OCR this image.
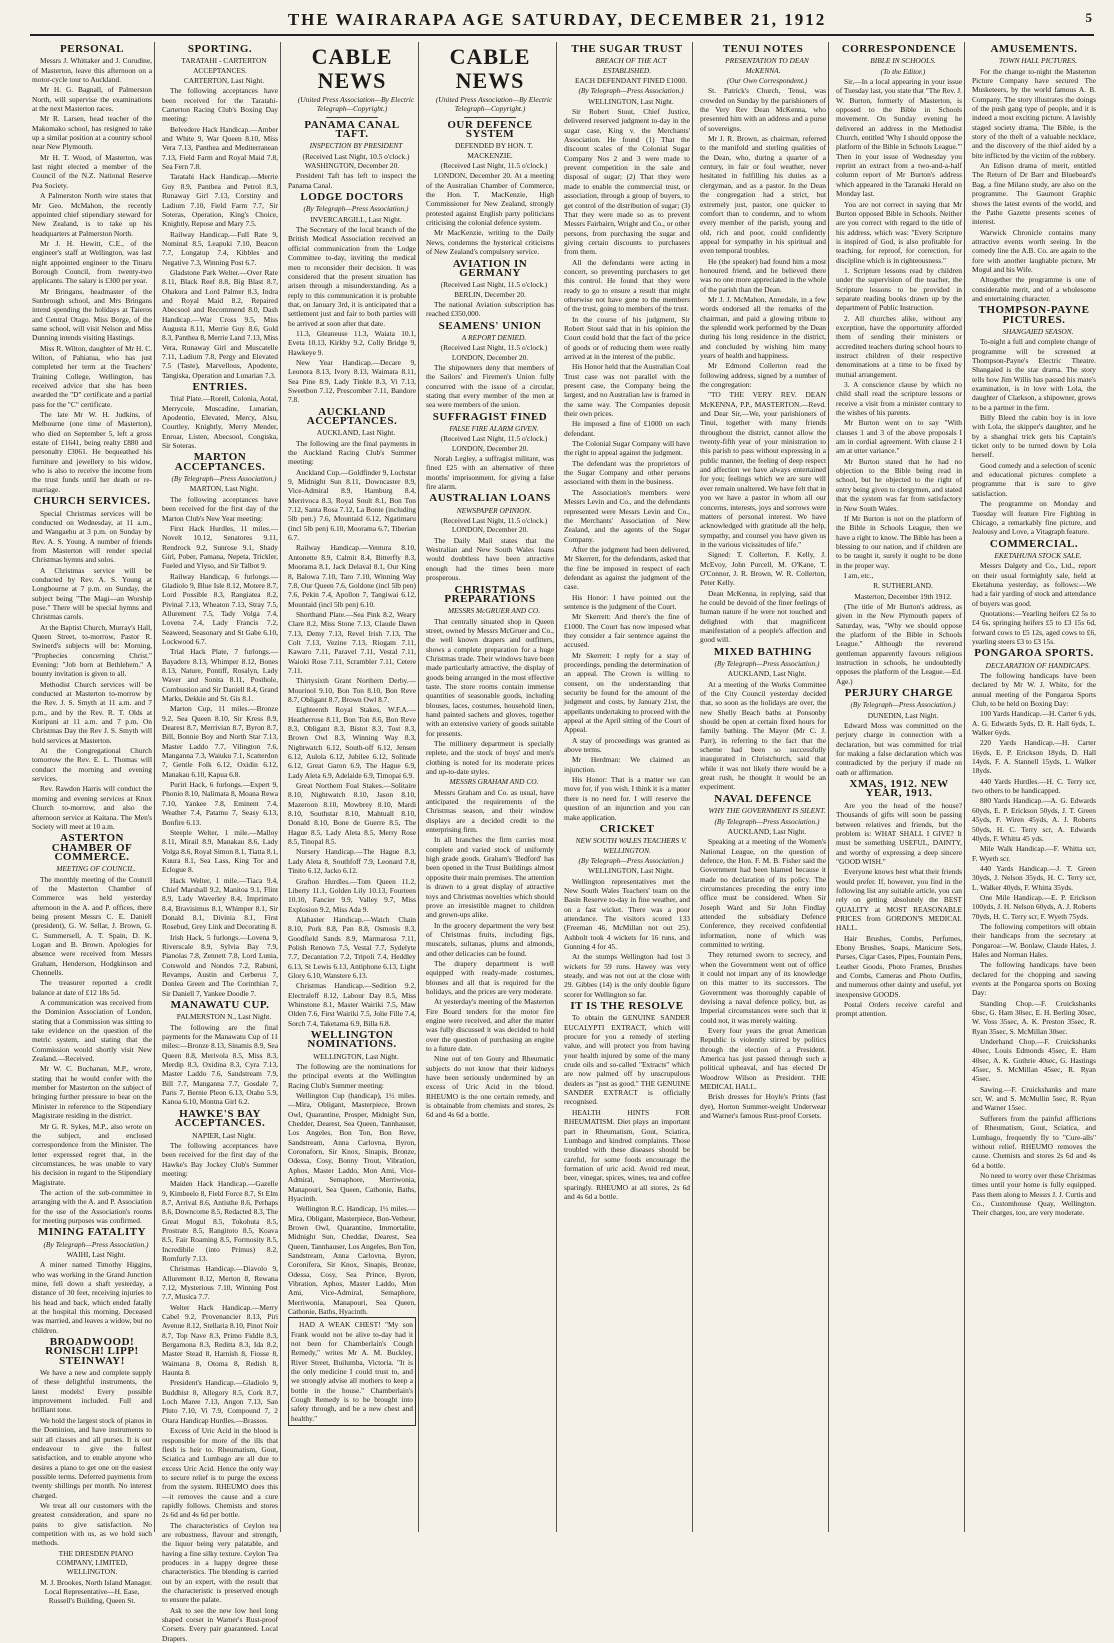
THE WAIRARAPA AGE SATURDAY, DECEMBER 21, 1912	5
PERSONAL

Messrs J. Whittaker and J. Corudine, of Masterton, leave this afternoon on a motor-cycle tour to Auckland.

Mr H. G. Bagnall, of Palmerston North, will supervise the examinations at the next Masterton races.

Mr R. Larsen, head teacher of the Makomako school, has resigned to take up a similar position at a country school near New Plymouth.

Mr H. T. Wood, of Masterton, was last night elected a member of the Council of the N.Z. National Reserve Pea Society.

A Palmerston North wire states that Mr Geo. McMahon, the recently appointed chief stipendiary steward for New Zealand, is to take up his headquarters at Palmerston North.

Mr J. H. Hewitt, C.E., of the engineer's staff at Wellington, was last night appointed engineer to the Tinaru Borough Council, from twenty-two applicants. The salary is £300 per year.

Mr Bringans, headmaster of the Sunbrough school, and Mrs Bringans intend spending the holidays at Taieros and Central Otago. Miss Borge, of the same school, will visit Nelson and Miss Dunning intends visiting Hastings.

Miss R. Wilton, daughter of Mr H. C. Wilton, of Pahiatua, who has just completed her term at the Teachers' Training College, Wellington, has received advice that she has been awarded the "D" certificate and a partial pass for the "C" certificate.

The late Mr W. H. Judkins, of Melbourne (one time of Masterton), who died on September 5, left a gross estate of £1641, being realty £880 and personalty £3061. He bequeathed his furniture and jewellery to his widow, who is also to receive the income from the trust funds until her death or re-marriage.

CHURCH SERVICES.

Special Christmas services will be conducted on Wednesday, at 11 a.m., and Wangaehu at 3 p.m. on Sunday by Rev. A. S. Young. A number of friends from Masterton will render special Christmas hymns and solos.

A Christmas service will be conducted by Rev. A. S. Young at Longbourne at 7 p.m. on Sunday, the subject being "The Magi—an Worship pose." There will be special hymns and Christmas carols.

At the Baptist Church, Murray's Hall, Queen Street, to-morrow, Pastor R. Swinerd's subjects will be: Morning, "Prophecies concerning Christ." Evening: "Job born at Bethlehem." A bounty invitation is given to all.

Methodist Church services will be conducted at Masterton to-morrow by the Rev. J. S. Smyth at 11 a.m. and 7 p.m., and by the Rev. R. T. Olds at Kuripuni at 11 a.m. and 7 p.m. On Christmas Day the Rev J. S. Smyth will hold services at Masterton.

At the Congregational Church tomorrow the Rev. E. L. Thomas will conduct the morning and evening services.

Rev. Rawdon Harris will conduct the morning and evening services at Knox Church to-morrow, and also the afternoon service at Kaitana. The Men's Society will meet at 10 a.m.

ASTERTON CHAMBER OF COMMERCE.

MEETING OF COUNCIL.

The monthly meeting of the Council of the Masterton Chamber of Commerce was held yesterday afternoon in the A. and P. offices, there being present Messrs C. E. Daniell (president), G. W. Sellar, J. Brown, G. C. Summersell, A. T. Spain, D. K. Logan and B. Brown. Apologies for absence were received from Messrs Graham, Henderson, Hodgkinson and Chennells.

The treasurer reported a credit balance at date of £12 18s 5d.

A communication was received from the Dominion Association of London, stating that a Commission was sitting to take evidence on the question of the metric system, and stating that the Commission would shortly visit New Zealand.—Received.

Mr W. C. Buchanan, M.P., wrote, stating that he would confer with the member for Masterton on the subject of bringing further pressure to bear on the Minister in reference to the Stipendiary Magistrate residing in the district.

Mr G. R. Sykes, M.P., also wrote on the subject, and enclosed correspondence from the Minister. The letter expressed regret that, in the circumstances, he was unable to vary his decision in regard to the Stipendiary Magistrate.

The action of the sub-committee in arranging with the A. and P. Association for the use of the Association's rooms for meeting purposes was confirmed.

MINING FATALITY

(By Telegraph—Press Association.)

WAIHI, Last Night.

A miner named Timothy Higgins, who was working in the Grand Junction mine, fell down a shaft yesterday, a distance of 30 feet, receiving injuries to his head and back, which ended fatally at the hospital this morning. Deceased was married, and leaves a widow, but no children.

BROADWOOD! RONISCH! LIPP! STEINWAY!

We have a new and complete supply of these delightful instruments, the latest models! Every possible improvement included. Full and brilliant tone.

We hold the largest stock of pianos in the Dominion, and have instruments to suit all classes and all purses. It is our endeavour to give the fullest satisfaction, and to enable anyone who desires a piano to get one on the easiest possible terms. Deferred payments from twenty shillings per month. No interest charged.

We treat all our customers with the greatest consideration, and spare no pains to give satisfaction. No competition with us, as we hold such methods.

THE DRESDEN PIANO COMPANY, LIMITED, WELLINGTON.

M. J. Brookes, North Island Manager. Local Representative—H. Ease, Russell's Building, Queen St.

SPORTING.

TARATAHI - CARTERTON ACCEPTANCES.

CARTERTON, Last Night.

The following acceptances have been received for the Taratahi-Carterton Racing Club's Boxing Day meeting:

Belvedere Hack Handicap.—Amber and White 9, War Queen 8.10, Miss Vera 7.13, Panthea and Mediterranean 7.13, Field Farm and Royal Maid 7.8, Sea Fern 7.8.

Taratahi Hack Handicap.—Merrie Guy 8.9, Panthea and Petrol 8.3, Runaway Girl 7.13, Corstiny and Ladium 7.10, Field Farm 7.7, Sir Soteras, Operation, King's Choice, Knightly, Repose and Mary 7.5.

Railway Handicap.—Full Rate 9, Nominal 8.5, Leapuki 7.10, Beacon 7.7, Longatup 7.4, Kibbles and Negative 7.3, Winning Post 6.7.

Gladstone Park Welter.—Over Rate 8.11, Black Reef 8.8, Big Blast 8.7, Ohakura and Lord Palmer 8.3, Indra and Royal Maid 8.2, Repaired Abecsool and Recommend 8.0, Dash Handicap.—War Cross 9.5, Miss Augusta 8.11, Merrie Guy 8.6, Gold 8.3, Panthea 8, Merrie Land 7.13, Miss Vera, Runaway Girl and Muscatelle 7.11, Ladium 7.8, Pergy and Elevated 7.5 (Taste), Marvellous, Apodente, Tangiska, Operation and Lunarian 7.3.

ENTRIES.

Trial Plate.—Rorell, Colonia, Aotal, Merrycole, Muscadine, Lunarian, Apodentio, Elevated, Mercy, Alsu, Courtley, Knightly, Merry Mender, Enroar, Listen, Abecsool, Congiska, Sir Soteras.

MARTON ACCEPTANCES.

(By Telegraph—Press Association.)

MARTON, Last Night.

The following acceptances have been received for the first day of the Marton Club's New Year meeting:

First Hack Hurdles, 11 miles.—Novelt 10.12, Senatores 9.11, Rendrock 9.2, Sunrose 9.1, Shady Girl, Pober, Pamana, Nepeta, Trickler, Fueled and Ylyso, and Sir Talbot 9.

Railway Handicap, 6 furlongs.—Gladiolo 9, Blue Isle 8.12, Motere 8.7, Lord Possible 8.3, Rangiatea 8.2, Pivinal 7.13, Wheaton 7.13, Stray 7.5, Allurement 7.5, Tady Volga 7.4, Lovena 7.4, Lady Francis 7.2, Seaweed, Seasonary and St Gabe 6.10, Lockwood 6.7.

Trial Hack Plate, 7 furlongs.—Bayadere 8.13, Whimper 8.12, Bones 8.13, Nature, Pontiff, Rosalyn, Lady Waver and Sonita 8.11, Posthole, Combustion and Sir Daniell 8.4, Grand Marks, Dekkie and St. Gis 8.1.

Marton Cup, 11 miles.—Bronze 9.2, Sea Queen 8.10, Sir Kress 8.9, Dearest 8.7, Merrivian 8.7, Byron 8.7, Bill, Bonnie Boy and North Star 7.13, Master Laddo 7.7, Vilington 7.6, Manganna 7.3, Waiuku 7.1, Scatterdon 7, Gentle Folk 6.12, Oxidin 6.12, Manakau 6.10, Kapua 6.8.

Puriri Hack, 6 furlongs.—Expert 9, Phonio 8.10, Nalimata 8, Moana Rewa 7.10, Yankee 7.8, Eminent 7.4, Weather 7.4, Patamu 7, Seasy 6.13, Bonfire 6.13.

Steeple Welter, 1 mile.—Malloy 8.11, Mirail 8.9, Manakau 8.6, Lady Volga 8.6, Royal Simon 8.1, Tiatta 8.1, Kuura 8.1, Sea Lass, King Tor and Eclogue 8.

Hack Welter, 1 mile.—Tiaca 9.4, Chief Marshall 9.2, Manitoa 9.1, Flint 8.9, Lady Waverley 8.4, Imprimato 8.4, Bravisimus 8.1, Whimper 8.1, Sir Donald 8.1, Divinia 8.1, First Rosebud, Grey Link and Decorating 8.

Irish Hack, 5 furlongs.—Lovena 9, Riverscale 8.9, Sylvia Bay 7.9, Pianolas 7.8, Zennett 7.8, Lord Lunia, Cotswold and Nondos 7.2, Rabuni, Revamps, Austin and Cerberus 7, Donlea Green and The Corinthian 7, Sir Daniell 7, Yankee Doodle 7.

MANAWATU CUP.

PALMERSTON N., Last Night.

The following are the final payments for the Manawatu Cup of 11 miles:—Bronze 8.13, Sinamis 8.9, Sea Queen 8.8, Merivola 8.5, Miss 8.3, Merdip 8.3, Oxidina 8.3, Cyra 7.13, Master Laddo 7.6, Sandstream 7.9, Bill 7.7, Manganna 7.7, Gosdale 7, Paris 7, Bernie Pleon 6.13, Otaho 5.9, Kanoa 6.10, Montna Girl 6.2.

HAWKE'S BAY ACCEPTANCES.

NAPIER, Last Night.

The following acceptances have been received for the first day of the Hawke's Bay Jockey Club's Summer meeting:

Maiden Hack Handicap.—Gazelle 9, Kimbeelo 8, Field Force 8.7, St Elm 8.7, Arrival 8.6, Antisthe 8.6, Perhaps 8.6, Downcome 8.5, Redacted 8.3, The Great Mogul 8.5, Tokohuta 8.5, Prostrate 8.5, Rangitoto 8.5, Koava 8.5, Fair Roaming 8.5, Formosity 8.5, Incredibile (into Primus) 8.2, Romfurly 7.13.

Christmas Handicap.—Diavolo 9, Allurement 8.12, Merton 8, Rewana 7.12, Mysterious 7.10, Winning Post 7.7, Musica 7.7.

Welter Hack Handicap.—Merry Cabel 9.2, Provenancier 8.13, Piri Avenue 8.12, Stellaria 8.10, Pinot Noir 8.7, Top Nave 8.3, Primo Fiddle 8.3, Bergamona 8.3, Reditta 8.3, Ida 8.2, Master Stead 8, Harnish 8, Fiosse 8, Waimana 8, Otoma 8, Redish 8, Haunta 8.

President's Handicap.—Gladiolo 9, Buddhist 8, Allegory 8.5, Cork 8.7, Loch Maree 7.13, Angon 7.13, San Pluto 7.10, Vi 7.9, Compound 7, 2 Otara Handicap Hurdles.—Brassos.

Excess of Uric Acid in the blood is responsible for more of the ills that flesh is heir to. Rheumatism, Gout, Sciatica and Lumbago are all due to excess Uric Acid. Hence the only way to secure relief is to purge the excess from the system. RHEUMO does this—it removes the cause and a cure rapidly follows. Chemists and stores 2s 6d and 4s 6d per bottle.

The characteristics of Ceylon tea are robustness, flavour and strength, the liquor being very palatable, and having a fine silky texture. Ceylon Tea produces in a happy degree these characteristics. The blending is carried out by an expert, with the result that the characteristic is preserved enough to ensure the palate.

Ask to see the new low heel long shaped corset in Warner's Rust-proof Corsets. Every pair guaranteed. Local Drapers.

CABLE NEWS

(United Press Association—By Electric Telegraph—Copyright.)

PANAMA CANAL TAFT.

INSPECTION BY PRESIDENT

(Received Last Night, 10.5 o'clock.) WASHINGTON, December 20.

President Taft has left to inspect the Panama Canal.

LODGE DOCTORS

(By Telegraph—Press Association.)

INVERCARGILL, Last Night.

The Secretary of the local branch of the British Medical Association received an official communication from the Lodge Committee to-day, inviting the medical men to reconsider their decision. It was considered that the present situation has arisen through a misunderstanding. As a reply to this communication it is probable that, on January 3rd, it is anticipated that a settlement just and fair to both parties will be arrived at soon after that date.

11.3, Gleaneuse 11.3, Waiata 10.1, Eveta 10.13, Kirkby 9.2, Colly Bridge 9, Hawkeye 9.

New Year Handicap.—Decare 9, Leonora 8.13, Ivory 8.13, Waimata 8.11, Sea Pine 8.9, Lady Tinkle 8.3, Vi 7.13, Sweetbon 7.12, Prescomber 7.11, Bandore 7.8.

AUCKLAND ACCEPTANCES.

AUCKLAND, Last Night.

The following are the final payments in the Auckland Racing Club's Summer meeting:

Auckland Cup.—Goldfinder 9, Lochstar 9, Midnight Sun 8.11, Downcaster 8.9, Vice-Admiral 8.9, Hamburg 8.4, Merrivoca 8.3, Royal Soult 8.1, Bon Ton 7.12, Santa Rosa 7.12, La Bonte (including 5lb pen.) 7.6, Mountaid 6.12, Ngatimaru (incl 5lb pen) 6.10, Moorama 6.7, Tiberian 6.7.

Railway Handicap.—Ventura 8.10, Antonette 8.9, Calmit 8.4, Bitterfly 8.3, Moorama 8.1, Jack Delaval 8.1, Our King 8, Balowa 7.10, Taro 7.10, Winning Way 7.8, Our Queen 7.6, Goldone (incl 5lb pen) 7.6, Pekin 7.4, Apollon 7, Tangiwai 6.12, Mountaid (incl 5lb pen) 6.10.

Shorthand Plate.—Sea Pink 8.2, Weary Clare 8.2, Miss Stone 7.13, Claude Dawn 7.13, Demy 7.13, Revel Irish 7.13, The Colt 7.13, Vezine 7.13, Riogam 7.11, Kawaro 7.11, Paravel 7.11, Vestal 7.11, Waioki Rose 7.11, Scrambler 7.11, Cetere 7.11.

Thirtysixth Grant Northern Derby.—Mourinol 9.10, Bon Ton 8.10, Bon Reve 8.7, Obligant 8.7, Brown Owl 8.7.

Eighteenth Royal Stakes, W.F.A.—Heatherrose 8.11, Bon Ton 8.6, Bon Reve 8.3, Obligant 8.3, Bistot 8.3, Tost 8.3, Brown Owl 8.3, Winning Way 8.3, Nightwatch 6.12, South-off 6.12, Jensen 6.12, Aulola 6.12, Jubilee 6.12, Solitude 6.12, Great Garon 6.9, The Hague 6.9, Lady Aleta 6.9, Adelaide 6.9, Timopai 6.9.

Great Northern Foal Stakes.—Solitaire 8.10, Nightwatch 8.10, Jason 8.10, Mazeroon 8.10, Mowbrey 8.10, Mardi 8.10, Southstar 8.10, Mahtuall 8.10, Donald 8.10, Bone de Guerre 8.5, The Hague 8.5, Lady Aleta 8.5, Merry Rose 8.5, Tinopal 8.5.

Nursery Handicap.—The Hague 8.3, Lady Aleta 8, Southfoff 7.9, Leonard 7.8, Tinito 6.12, Jacko 6.12.

Grafton Hurdles.—Tom Queen 11.2, Liberty 11.1, Golden Lily 10.13, Fourteen 10.10, Fancier 9.9, Valley 9.7, Miss Explosion 9.2, Miss Ada 9.

Alabaster Handicap.—Watch Chain 8.10, Pork 8.8, Pan 8.8, Osmosis 8.3, Goodfield Sands 8.9, Marmarosa 7.11, Polish Renown 7.5, Vestal 7.7, Sydelyte 7.7, Decantation 7.2, Tripoli 7.4, Heddley 6.13, St Lewis 6.13, Antiphone 6.13, Light Glory 6.10, Wanstere 6.13.

Christmas Handicap.—Sedition 9.2, Electraleff 8.12, Labour Day 8.5, Miss Whinstone 8.1, Master Wairiki 7.5, Maw Olden 7.6, First Wairiki 7.5, Jolie Fille 7.4, Sorch 7.4, Taketama 6.9, Billa 6.8.

WELLINGTON NOMINATIONS.

WELLINGTON, Last Night.

The following are the nominations for the principal events at the Wellington Racing Club's Summer meeting:

Wellington Cup (handicap), 1½ miles.—Mira, Obligant, Masterpiece, Brown Owl, Quarantine, Prosper, Midnight Sun, Chedder, Dearest, Sea Queen, Tannhauser, Los Angeles, Bon Ton, Bon Reve, Sandstream, Anna Carlovna, Byron, Coronaforn, Sir Knox, Sinapis, Bronze, Odessa, Cosy, Bonny Trout, Vibration, Aphos, Master Laddo, Mon Ami, Vice-Admiral, Semaphore, Merriwonia, Manapouri, Sea Queen, Cathonie, Baths, Hyacinth.

Wellington R.C. Handicap, 1½ miles.—Mira, Obligant, Masterpiece, Bon-Vetheur, Brown Owl, Quarantine, Immortalite, Midnight Sun, Cheddar, Dearest, Sea Queen, Tannhauser, Los Angeles, Bon Ton, Sandstream, Anna Carlovna, Byron, Coronifera, Sir Knox, Sinapis, Bronze, Odessa, Cosy, Sea Prince, Byron, Vibration, Aphos, Master Laddo, Mon Ami, Vice-Admiral, Semaphore, Merriwonia, Manapouri, Sea Queen, Cathonie, Baths, Hyacinth.

HAD A WEAK CHEST! "My son Frank would not be alive to-day had it not been for Chamberlain's Cough Remedy," writes Mr A. M. Buckley, River Street, Builumba, Victoria. "It is the only medicine I could trust to, and we strongly advise all mothers to keep a bottle in the house." Chamberlain's Cough Remedy is to be brought into safety through, and be a new chest and healthy."

CABLE NEWS

(United Press Association—By Electric Telegraph—Copyright.)

OUR DEFENCE SYSTEM

DEFENDED BY HON. T. MACKENZIE.

(Received Last Night, 11.5 o'clock.)

LONDON, December 20. At a meeting of the Australian Chamber of Commerce, the Hon. T. MacKenzie, High Commissioner for New Zealand, strongly protested against English party politicians criticising the colonial defence system.

Mr MacKenzie, writing to the Daily News, condemns the hysterical criticisms of New Zealand's compulsory service.

AVIATION IN GERMANY

(Received Last Night, 11.5 o'clock.) BERLIN, December 20.

The national Aviation subscription has reached £350,000.

SEAMENS' UNION

A REPORT DENIED.

(Received Last Night, 11.5 o'clock.) LONDON, December 20.

The shipowners deny that members of the Sailors' and Firemen's Union fully concurred with the issue of a circular, stating that every member of the men at sea were members of the union.

SUFFRAGIST FINED

FALSE FIRE ALARM GIVEN.

(Received Last Night, 11.5 o'clock.) LONDON, December 20.

Norah Legley, a suffragist militant, was fined £25 with an alternative of three months' imprisonment, for giving a false fire alarm.

AUSTRALIAN LOANS

NEWSPAPER OPINION.

(Received Last Night, 11.5 o'clock.) LONDON, December 20.

The Daily Mail states that the Westralian and New South Wales loans would doubtless have been attractive enough had the times been more prosperous.

CHRISTMAS PREPARATIONS

MESSRS McGRUER AND CO.

That centrally situated shop in Queen street, owned by Messrs McGruer and Co., the well known drapers and outfitters, shows a complete preparation for a huge Christmas trade. Their windows have been made particularly attractive, the display of goods being arranged in the most effective taste. The store rooms contain immense quantities of seasonable goods, including blouses, laces, costumes, household linen, hand painted sachets and gloves, together with an extensive variety of goods suitable for presents.

The millinery department is specially replete, and the stock of boys' and men's clothing is noted for its moderate prices and up-to-date styles.

MESSRS GRAHAM AND CO.

Messrs Graham and Co. as usual, have anticipated the requirements of the Christmas season, and their window displays are a decided credit to the enterprising firm.

In all branches the firm carries most complete and varied stock of uniformly high grade goods. Graham's 'Bedford' has been opened in the Trust Buildings almost opposite their main premises. The attention is drawn to a great display of attractive toys and Christmas novelties which should prove an irresistible magnet to children and grown-ups alike.

In the grocery department the very best of Christmas fruits, including figs, muscatels, sultanas, plums and almonds, and other delicacies can be found.

The drapery department is well equipped with ready-made costumes, blouses and all that is required for the holidays, and the prices are very moderate.

At yesterday's meeting of the Masterton Fire Board tenders for the motor fire engine were received, and after the matter was fully discussed it was decided to hold over the question of purchasing an engine to a future date.

Nine out of ten Gouty and Rheumatic subjects do not know that their kidneys have been seriously undermined by an excess of Uric Acid in the blood. RHEUMO is the one certain remedy, and is obtainable from chemists and stores, 2s 6d and 4s 6d a bottle.

THE SUGAR TRUST

BREACH OF THE ACT ESTABLISHED.

EACH DEFENDANT FINED £1000.

(By Telegraph—Press Association.)

WELLINGTON, Last Night.

Sir Robert Stout, Chief Justice, delivered reserved judgment to-day in the sugar case, King v. the Merchants' Association. He found (1) That the discount scales of the Colonial Sugar Company Nos 2 and 3 were made to prevent competition in the sale and disposal of sugar; (2) That they were made to enable the commercial trust, or association, through a group of buyers, to get control of the distribution of sugar; (3) That they were made so as to prevent Messrs Fairbairn, Wright and Co., or other persons, from purchasing the sugar and giving certain discounts to purchasers from them.

All the defendants were acting in concert, so preventing purchasers to get this control. He found that they were ready to go to ensure a result that might otherwise not have gone to the members of the trust, going to members of the trust.

In the course of his judgment, Sir Robert Stout said that in his opinion the Court could hold that the fact of the price of goods or of reducing them were really arrived at in the interest of the public.

His Honor held that the Australian Coal Trust case was not parallel with the present case, the Company being the largest, and no Australian law is framed in the same way. The Companies deposit their own prices.

He imposed a fine of £1000 on each defendant.

The Colonial Sugar Company will have the right to appeal against the judgment.

The defendant was the proprietors of the Sugar Company and other persons associated with them in the business.

The Association's members were Messrs Levin and Co., and the defendants represented were Messrs Levin and Co., the Merchants' Association of New Zealand, and the agents of the Sugar Company.

After the judgment had been delivered, Mr Skerrett, for the defendants, asked that the fine be imposed in respect of each defendant as against the judgment of the case.

His Honor: I have pointed out the sentence is the judgment of the Court.

Mr Skerrett: And there's the fine of £1000. The Court has now imposed what they consider a fair sentence against the accused.

Mr Skerrett: I reply for a stay of proceedings, pending the determination of an appeal. The Crown is willing to consent, on the understanding that security be found for the amount of the judgment and costs, by January 21st, the appellants undertaking to proceed with the appeal at the April sitting of the Court of Appeal.

A stay of proceedings was granted as above terms.

Mr Herdman: We claimed an injunction.

His Honor: That is a matter we can move for, if you wish. I think it is a matter there is no need for. I will reserve the question of an injunction and you can make application.

CRICKET

NEW SOUTH WALES TEACHERS V. WELLINGTON.

(By Telegraph—Press Association.)

WELLINGTON, Last Night.

Wellington representatives met the New South Wales Teachers' team on the Basin Reserve to-day in fine weather, and on a fast wicket. There was a poor attendance. The visitors scored 133 (Freeman 46, McMillan not out 25). Ashbolt took 4 wickets for 16 runs, and Gunning 4 for 45.

At the stumps Wellington had lost 3 wickets for 59 runs. Hawey was very steady, and was not out at the close with 29. Gibbes (14) is the only double figure scorer for Wellington so far.

IT IS THE RESOLVE

To obtain the GENUINE SANDER EUCALYPTI EXTRACT, which will procure for you a remedy of sterling value, and will protect you from having your health injured by some of the many crude oils and so-called "Extracts" which are now palmed off by unscrupulous dealers as "just as good." THE GENUINE SANDER EXTRACT is officially recognised.

HEALTH HINTS FOR RHEUMATISM. Diet plays an important part in Rheumatism, Gout, Sciatica, Lumbago and kindred complaints. Those troubled with these diseases should be careful, for some foods encourage the formation of uric acid. Avoid red meat, beer, vinegar, spices, wines, tea and coffee sparingly. RHEUMO at all stores, 2s 6d and 4s 6d a bottle.

TENUI NOTES

PRESENTATION TO DEAN McKENNA.

(Our Own Correspondent.)

St. Patrick's Church, Tenui, was crowded on Sunday by the parishioners of the Very Rev Dean McKenna, who presented him with an address and a purse of sovereigns.

Mr J. R. Brown, as chairman, referred to the manifold and sterling qualities of the Dean, who, during a quarter of a century, in fair or foul weather, never hesitated in fulfilling his duties as a clergyman, and as a pastor. In the Dean the congregation had a strict, but extremely just, pastor, one quicker to comfort than to condemn, and to whom every member of the parish, young and old, rich and poor, could confidently appeal for sympathy in his spiritual and even temporal troubles.

He (the speaker) had found him a most honoured friend, and he believed there was no one more appreciated in the whole of the parish than the Dean.

Mr J. J. McMahon, Annedale, in a few words endorsed all the remarks of the chairman, and paid a glowing tribute to the splendid work performed by the Dean during his long residence in the district, and concluded by wishing him many years of health and happiness.

Mr Edmond Collerton read the following address, signed by a number of the congregation:

"TO THE VERY REV. DEAN McKENNA, P.P., MASTERTON.—Revd. and Dear Sir,—We, your parishioners of Tinui, together with many friends throughout the district, cannot allow the twenty-fifth year of your ministration to this parish to pass without expressing in a public manner, the feeling of deep respect and affection we have always entertained for you; feelings which we are sure will ever remain unaltered. We have felt that in you we have a pastor in whom all our concerns, interests, joys and sorrows were matters of personal interest. We have acknowledged with gratitude all the help, sympathy, and counsel you have given us in the various vicissitudes of life."

Signed: T. Collerton, F. Kelly, J. McEvoy, John Purcell, M. O'Kane, T. O'Connor, J. R. Brown, W. R. Collerton, Peter Kelly.

Dean McKenna, in replying, said that he could be devoid of the finer feelings of human nature if he were not touched and delighted with that magnificent manifestation of a people's affection and good will.

MIXED BATHING

(By Telegraph—Press Association.)

AUCKLAND, Last Night.

At a meeting of the Works Committee of the City Council yesterday decided that, so soon as the holidays are over, the new Shelly Beach baths at Ponsonby should be open at certain fixed hours for family bathing. The Mayor (Mr C. J. Parr), in referring to the fact that the scheme had been so successfully inaugurated in Christchurch, said that while it was not likely there would be a great rush, he thought it would be an experiment.

NAVAL DEFENCE

WHY THE GOVERNMENT IS SILENT.

(By Telegraph—Press Association.)

AUCKLAND, Last Night.

Speaking at a meeting of the Women's National League, on the question of defence, the Hon. F. M. B. Fisher said the Government had been blamed because it made no declaration of its policy. The circumstances preceding the entry into office must be considered. When Sir Joseph Ward and Sir John Findlay attended the subsidiary Defence Conference, they received confidential information, none of which was committed to writing.

They returned sworn to secrecy, and when the Government went out of office it could not impart any of its knowledge on this matter to its successors. The Government was thoroughly capable of devising a naval defence policy, but, as Imperial circumstances were such that it could not, it was merely waiting.

Every four years the great American Republic is violently stirred by politics through the election of a President. America has just passed through such a political upheaval, and has elected Dr Woodrow Wilson as President. THE MEDICAL HALL.

Brish dresses for Hoyle's Prints (fast dye), Horton Summer-weight Underwear and Warner's famous Rust-proof Corsets.

CORRESPONDENCE

BIBLE IN SCHOOLS.

(To the Editor.)

Sir,—In a local appearing in your issue of Tuesday last, you state that "The Rev. J. W. Burton, formerly of Masterton, is opposed to the Bible in Schools movement. On Sunday evening he delivered an address in the Methodist Church, entitled 'Why I should oppose the platform of the Bible in Schools League.'" Then in your issue of Wednesday you reprint an extract from a two-and-a-half column report of Mr Burton's address which appeared in the Taranaki Herald on Monday last.

You are not correct in saying that Mr Burton opposed Bible in Schools. Neither are you correct with regard to the title of his address, which was: "Every Scripture is inspired of God, is also profitable for teaching, for reproof, for correction, for discipline which is in righteousness."

1. Scripture lessons read by children under the supervision of the teacher, the Scripture lessons to be provided in separate reading books drawn up by the department of Public Instruction.

2. All churches alike, without any exception, have the opportunity afforded them of sending their ministers or accredited teachers during school hours to instruct children of their respective denominations at a time to be fixed by mutual arrangement.

3. A conscience clause by which no child shall read the scripture lessons or receive a visit from a minister contrary to the wishes of his parents.

Mr Burton went on to say "With clauses 1 and 3 of the above proposals I am in cordial agreement. With clause 2 I am at utter variance."

Mr Burton stated that he had no objection to the Bible being read in school, but he objected to the right of entry being given to clergymen, and stated that the system was far from satisfactory in New South Wales.

If Mr Burton is not on the platform of the Bible in Schools League, then we have a right to know. The Bible has been a blessing to our nation, and if children are to be taught it, surely it ought to be done in the proper way.

I am, etc.,

R. SUTHERLAND.

Masterton, December 19th 1912.

(The title of Mr Burton's address, as given in the New Plymouth papers of Saturday, was, "Why we should oppose the platform of the Bible in Schools League." Although the reverend gentleman apparently favours religious instruction in schools, he undoubtedly opposes the platform of the League.—Ed. Age.)

PERJURY CHARGE

(By Telegraph—Press Association.)

DUNEDIN, Last Night.

Edward Moss was committed on the perjury charge in connection with a declaration, but was committed for trial for making a false declaration which was contradicted by the perjury if made on oath or affirmation.

XMAS, 1912. NEW YEAR, 1913.

Are you the head of the house? Thousands of gifts will soon be passing between relatives and friends, but the problem is: WHAT SHALL I GIVE? It must be something USEFUL, DAINTY, and worthy of expressing a deep sincere "GOOD WISH."

Everyone knows best what their friends would prefer. If, however, you find in the following list any suitable article, you can rely on getting absolutely the BEST QUALITY at MOST REASONABLE PRICES from GORDON'S MEDICAL HALL.

Hair Brushes, Combs, Perfumes, Ebony Brushes, Soaps, Manicure Sets, Purses, Cigar Cases, Pipes, Fountain Pens, Leather Goods, Photo Frames, Brushes and Combs, Cameras and Photo Outfits, and numerous other dainty and useful, yet inexpensive GOODS.

Postal Orders receive careful and prompt attention.

AMUSEMENTS.

TOWN HALL PICTURES.

For the change to-night the Masterton Picture Company have secured The Musketeers, by the world famous A. B. Company. The story illustrates the doings of the push gang type of people, and it is indeed a most exciting picture. A lavishly staged society drama, The Bible, is the story of the theft of a valuable necklace, and the discovery of the thief aided by a bite inflicted by the victim of the robbery.

An Edison drama of merit, entitled The Return of Dr Barr and Bluebeard's Bag, a fine Milano study, are also on the programme. The Gaumont Graphic shows the latest events of the world, and the Pathe Gazette presents scenes of interest.

Warwick Chronicle contains many attractive events worth seeing. In the comedy line the A.B. Co. are again to the fore with another laughable picture, Mr Mogul and his Wife.

Altogether the programme is one of considerable merit, and of a wholesome and entertaining character.

THOMPSON-PAYNE PICTURES.

SHANGAIED SEASON.

To-night a full and complete change of programme will be screened at Thompson-Payne's Electric Theatre. Shangaied is the star drama. The story tells how Jim Willis has passed his mate's examination, is in love with Lola, the daughter of Clarkson, a shipowner, grows to be a partner in the firm.

Billy Bleed the cabin boy is in love with Lola, the skipper's daughter, and he by a shanghai trick gets his Captain's ticket only to be turned down by Lola herself.

Good comedy and a selection of scenic and educational pictures complete a programme that is sure to give satisfaction.

The programme on Monday and Tuesday will feature Fire Fighting in Chicago, a remarkably fine picture, and Jealousy and Love, a Vitagraph feature.

COMMERCIAL.

EKETAHUNA STOCK SALE.

Messrs Dalgety and Co., Ltd., report on their usual fortnightly sale, held at Eketahuna yesterday, as follows:—We had a fair yarding of stock and attendance of buyers was good.

Quotations:—Yearling heifers £2 5s to £4 6s, springing heifers £5 to £3 15s 6d, forward cows to £5 12s, aged cows to £6, yearling steers £3 to £3 15s.

PONGAROA SPORTS.

DECLARATION OF HANDICAPS.

The following handicaps have been declared by Mr W. J. White, for the annual meeting of the Pongaroa Sports Club, to be held on Boxing Day:

100 Yards Handicap.—H. Carter 6 yds, A. G. Edwards 5yds, D. R. Hall 6yds, L. Walker 6yds.

220 Yards Handicap.—H. Carter 16yds, E. P. Erickson 18yds, D. Hall 14yds, F. A. Stannell 15yds, L. Walker 18yds.

440 Yards Hurdles.—H. C. Terry scr, two others to be handicapped.

880 Yards Handicap.—A. G. Edwards 60yds, E. P. Erickson 50yds, J. T. Green 45yds, F. Wiren 45yds, A. J. Roberts 50yds, H. C. Terry scr, A. Edwards 40yds, F. Whitta 45 yds.

Mile Walk Handicap.—F. Whitta scr, F. Wyeth scr.

440 Yards Handicap.—J. T. Green 30yds, J. Nelson 35yds, H. C. Terry scr, L. Walker 40yds, F. Whitta 35yds.

One Mile Handicap.—E. P. Erickson 100yds, J. H. Nelson 60yds, A. J. Roberts 70yds, H. C. Terry scr, F. Wyeth 75yds.

The following competitors will obtain their handicaps from the secretary at Pongaroa:—W. Bonlaw, Claude Hales, J. Hales and Norman Hales.

The following handicaps have been declared for the chopping and sawing events at the Pongaroa sports on Boxing Day:

Standing Chop.—F. Cruickshanks 6bsc, G. Ham 30sec, E. H. Berling 30sec, W. Voss 35sec, A. K. Preston 35sec, R. Ryan 35sec, S. McMillan 30sec.

Underhand Chop.—F. Cruickshanks 40sec, Louis Edmonds 45sec, E. Ham 40sec, A. K. Guthrie 40sec, G. Hastings 45sec, S. McMillan 45sec, R. Ryan 45sec.

Sawing.—F. Cruickshanks and mate scr, W. and S. McMullin 5sec, R. Ryan and Warner 15sec.

Sufferers from the painful afflictions of Rheumatism, Gout, Sciatica, and Lumbago, frequently fly to "Cure-alls" without relief. RHEUMO removes the cause. Chemists and stores 2s 6d and 4s 6d a bottle.

No need to worry over these Christmas times until your home is fully equipped. Pass them along to Messrs J. J. Curtis and Co., Customhouse Quay, Wellington. Their charges, too, are very moderate.
